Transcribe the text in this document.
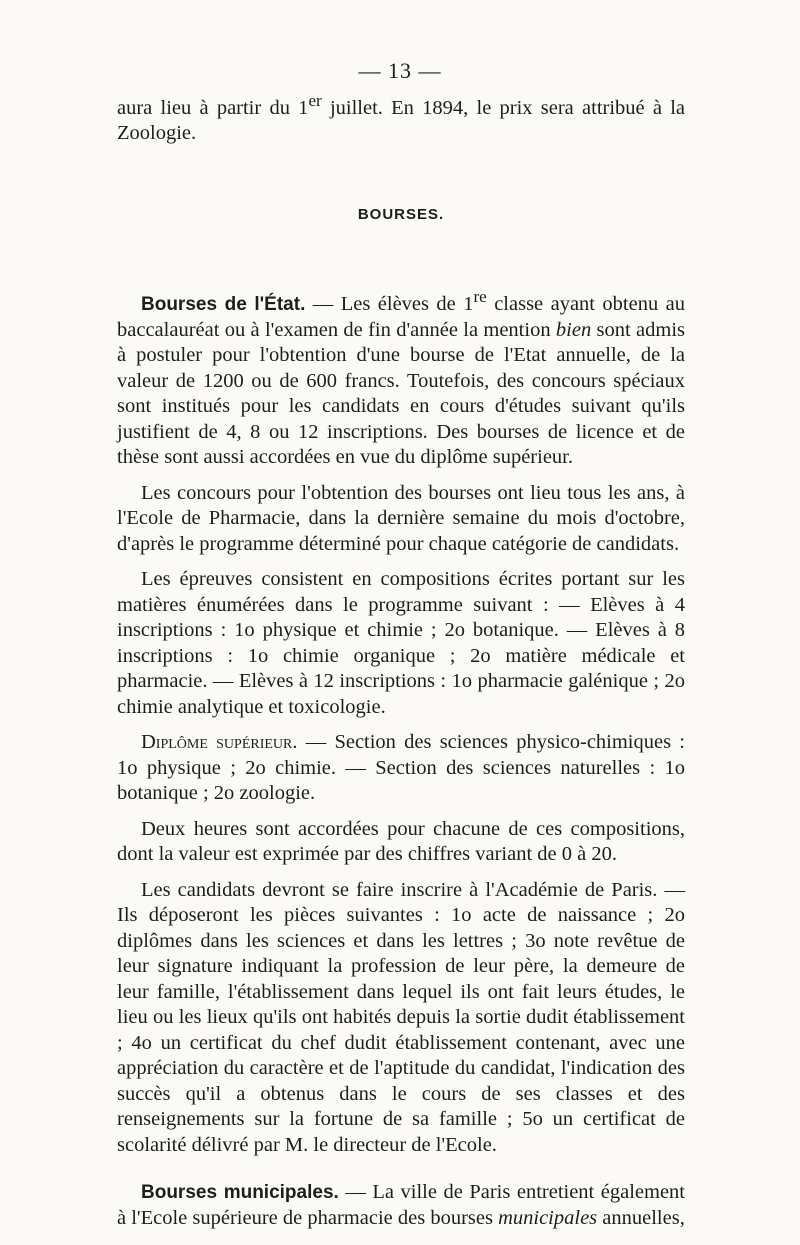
— 13 —

aura lieu à partir du 1er juillet. En 1894, le prix sera attribué à la Zoologie.

BOURSES.

Bourses de l'État. — Les élèves de 1re classe ayant obtenu au baccalauréat ou à l'examen de fin d'année la mention bien sont admis à postuler pour l'obtention d'une bourse de l'Etat annuelle, de la valeur de 1200 ou de 600 francs. Toutefois, des concours spéciaux sont institués pour les candidats en cours d'études suivant qu'ils justifient de 4, 8 ou 12 inscriptions. Des bourses de licence et de thèse sont aussi accordées en vue du diplôme supérieur.

Les concours pour l'obtention des bourses ont lieu tous les ans, à l'Ecole de Pharmacie, dans la dernière semaine du mois d'octobre, d'après le programme déterminé pour chaque catégorie de candidats.

Les épreuves consistent en compositions écrites portant sur les matières énumérées dans le programme suivant : — Elèves à 4 inscriptions : 1o physique et chimie ; 2o botanique. — Elèves à 8 inscriptions : 1o chimie organique ; 2o matière médicale et pharmacie. — Elèves à 12 inscriptions : 1o pharmacie galénique ; 2o chimie analytique et toxicologie.

Diplôme supérieur. — Section des sciences physico-chimiques : 1o physique ; 2o chimie. — Section des sciences naturelles : 1o botanique ; 2o zoologie.

Deux heures sont accordées pour chacune de ces compositions, dont la valeur est exprimée par des chiffres variant de 0 à 20.

Les candidats devront se faire inscrire à l'Académie de Paris. — Ils déposeront les pièces suivantes : 1o acte de naissance ; 2o diplômes dans les sciences et dans les lettres ; 3o note revêtue de leur signature indiquant la profession de leur père, la demeure de leur famille, l'établissement dans lequel ils ont fait leurs études, le lieu ou les lieux qu'ils ont habités depuis la sortie dudit établissement ; 4o un certificat du chef dudit établissement contenant, avec une appréciation du caractère et de l'aptitude du candidat, l'indication des succès qu'il a obtenus dans le cours de ses classes et des renseignements sur la fortune de sa famille ; 5o un certificat de scolarité délivré par M. le directeur de l'Ecole.

Bourses municipales. — La ville de Paris entretient également à l'Ecole supérieure de pharmacie des bourses municipales annuelles,
